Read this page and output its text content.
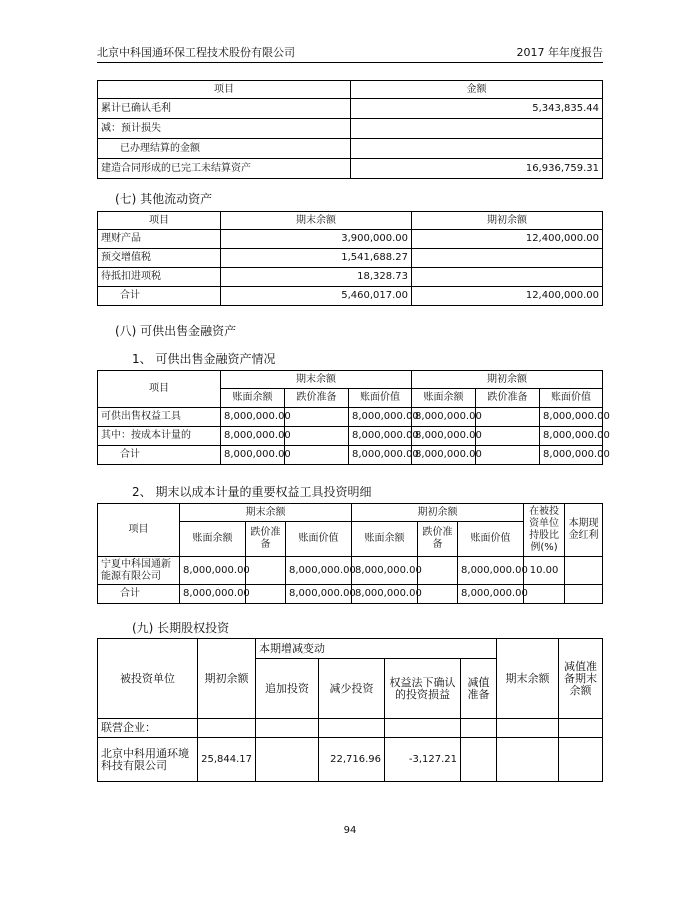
北京中科国通环保工程技术股份有限公司	2017 年年度报告
项目	金额
累计已确认毛利	5,343,835.44
减：预计损失	
已办理结算的金额	
建造合同形成的已完工未结算资产	16,936,759.31
(七) 其他流动资产
项目	期末余额	期初余额
理财产品	3,900,000.00	12,400,000.00
预交增值税	1,541,688.27	
待抵扣进项税	18,328.73	
合计	5,460,017.00	12,400,000.00
(八) 可供出售金融资产
1、 可供出售金融资产情况
项目	期末余额			期初余额		
	账面余额	跌价准备	账面价值	账面余额	跌价准备	账面价值
可供出售权益工具	8,000,000.00		8,000,000.00	8,000,000.00		8,000,000.00
其中：按成本计量的	8,000,000.00		8,000,000.00	8,000,000.00		8,000,000.00
合计	8,000,000.00		8,000,000.00	8,000,000.00		8,000,000.00
2、 期末以成本计量的重要权益工具投资明细
项目	期末余额			期初余额			在被投资单位持股比例(%)	本期现金红利
	账面余额	跌价准备	账面价值	账面余额	跌价准备	账面价值		
宁夏中科国通新能源有限公司	8,000,000.00		8,000,000.00	8,000,000.00		8,000,000.00	10.00	
合计	8,000,000.00		8,000,000.00	8,000,000.00		8,000,000.00		
(九) 长期股权投资
被投资单位	期初余额	本期增减变动				期末余额	减值准备期末余额
		追加投资	减少投资	权益法下确认的投资损益	减值准备		
联营企业：							
北京中科用通环境科技有限公司	25,844.17		22,716.96	-3,127.21			
94
